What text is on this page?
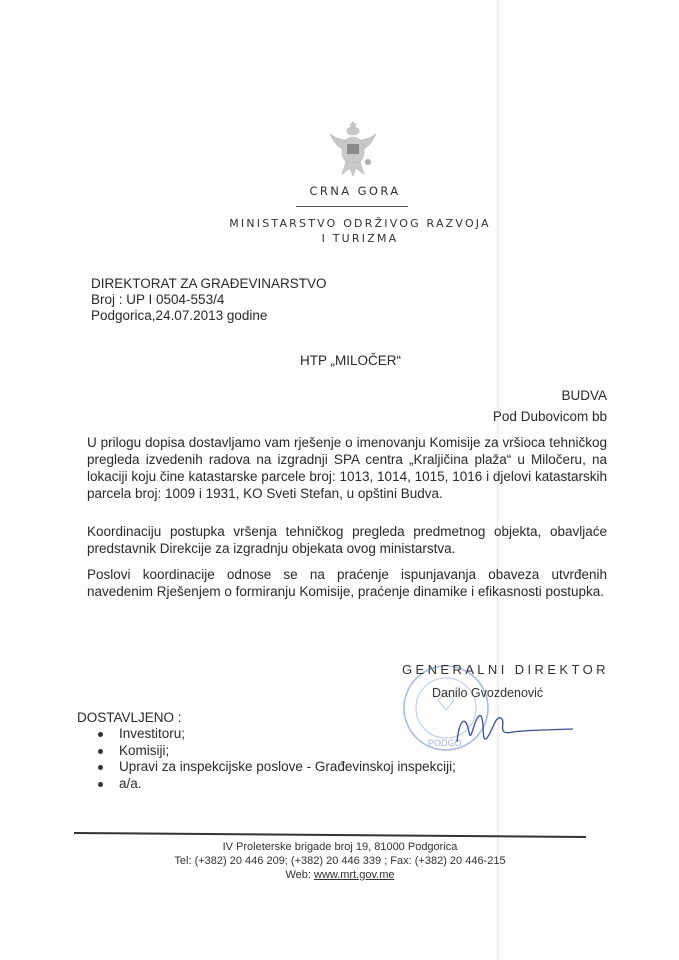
CRNA GORA
MINISTARSTVO ODRŽIVOG RAZVOJA
I TURIZMA
DIREKTORAT ZA GRAĐEVINARSTVO
Broj : UP I 0504-553/4
Podgorica,24.07.2013 godine
HTP „MILOČER“
BUDVA
Pod Dubovicom bb
U prilogu dopisa dostavljamo vam rješenje o imenovanju Komisije za vršioca tehničkog pregleda izvedenih radova na izgradnji SPA centra „Kraljičina plaža“ u Miločeru, na lokaciji koju čine katastarske parcele broj: 1013, 1014, 1015, 1016 i djelovi katastarskih parcela broj: 1009 i 1931, KO Sveti Stefan, u opštini Budva.
Koordinaciju postupka vršenja tehničkog pregleda predmetnog objekta, obavljaće predstavnik Direkcije za izgradnju objekata ovog ministarstva.
Poslovi koordinacije odnose se na praćenje ispunjavanja obaveza utvrđenih navedenim Rješenjem o formiranju Komisije, praćenje dinamike i efikasnosti postupka.
PODGO
GENERALNI DIREKTOR
Danilo Gvozdenović
DOSTAVLJENO :
Investitoru;
Komisiji;
Upravi za inspekcijske poslove - Građevinskoj inspekciji;
a/a.
IV Proleterske brigade broj 19, 81000 Podgorica
Tel: (+382) 20 446 209; (+382) 20 446 339 ; Fax: (+382) 20 446-215
Web: www.mrt.gov.me
